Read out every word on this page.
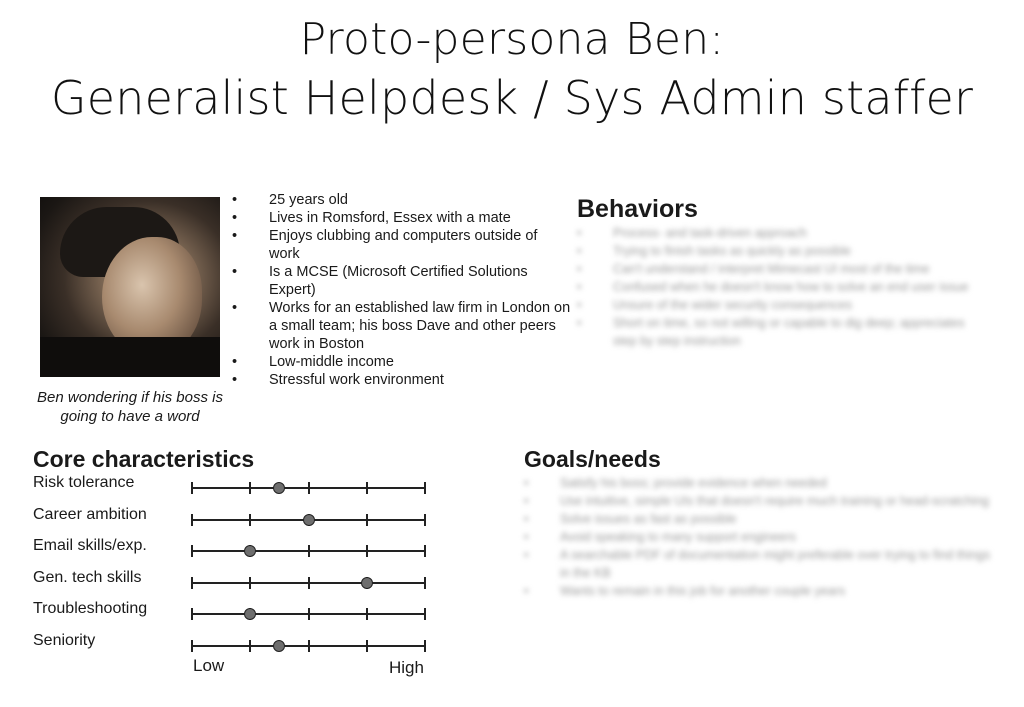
Proto-persona Ben:
Generalist Helpdesk / Sys Admin staffer
Ben wondering if his boss is going to have a word
• 25 years old
• Lives in Romsford, Essex with a mate
• Enjoys clubbing and computers outside of work
• Is a MCSE (Microsoft Certified Solutions Expert)
• Works for an established law firm in London on a small team; his boss Dave and other peers work in Boston
• Low-middle income
• Stressful work environment
Behaviors
• Process- and task-driven approach
• Trying to finish tasks as quickly as possible
• Can't understand / interpret Mimecast UI most of the time
• Confused when he doesn't know how to solve an end user issue
• Unsure of the wider security consequences
• Short on time, so not willing or capable to dig deep; appreciates step by step instruction
Core characteristics
Risk tolerance
Career ambition
Email skills/exp.
Gen. tech skills
Troubleshooting
Seniority
Low	High
Goals/needs
• Satisfy his boss; provide evidence when needed
• Use intuitive, simple UIs that doesn't require much training or head-scratching
• Solve issues as fast as possible
• Avoid speaking to many support engineers
• A searchable PDF of documentation might preferable over trying to find things in the KB
• Wants to remain in this job for another couple years
